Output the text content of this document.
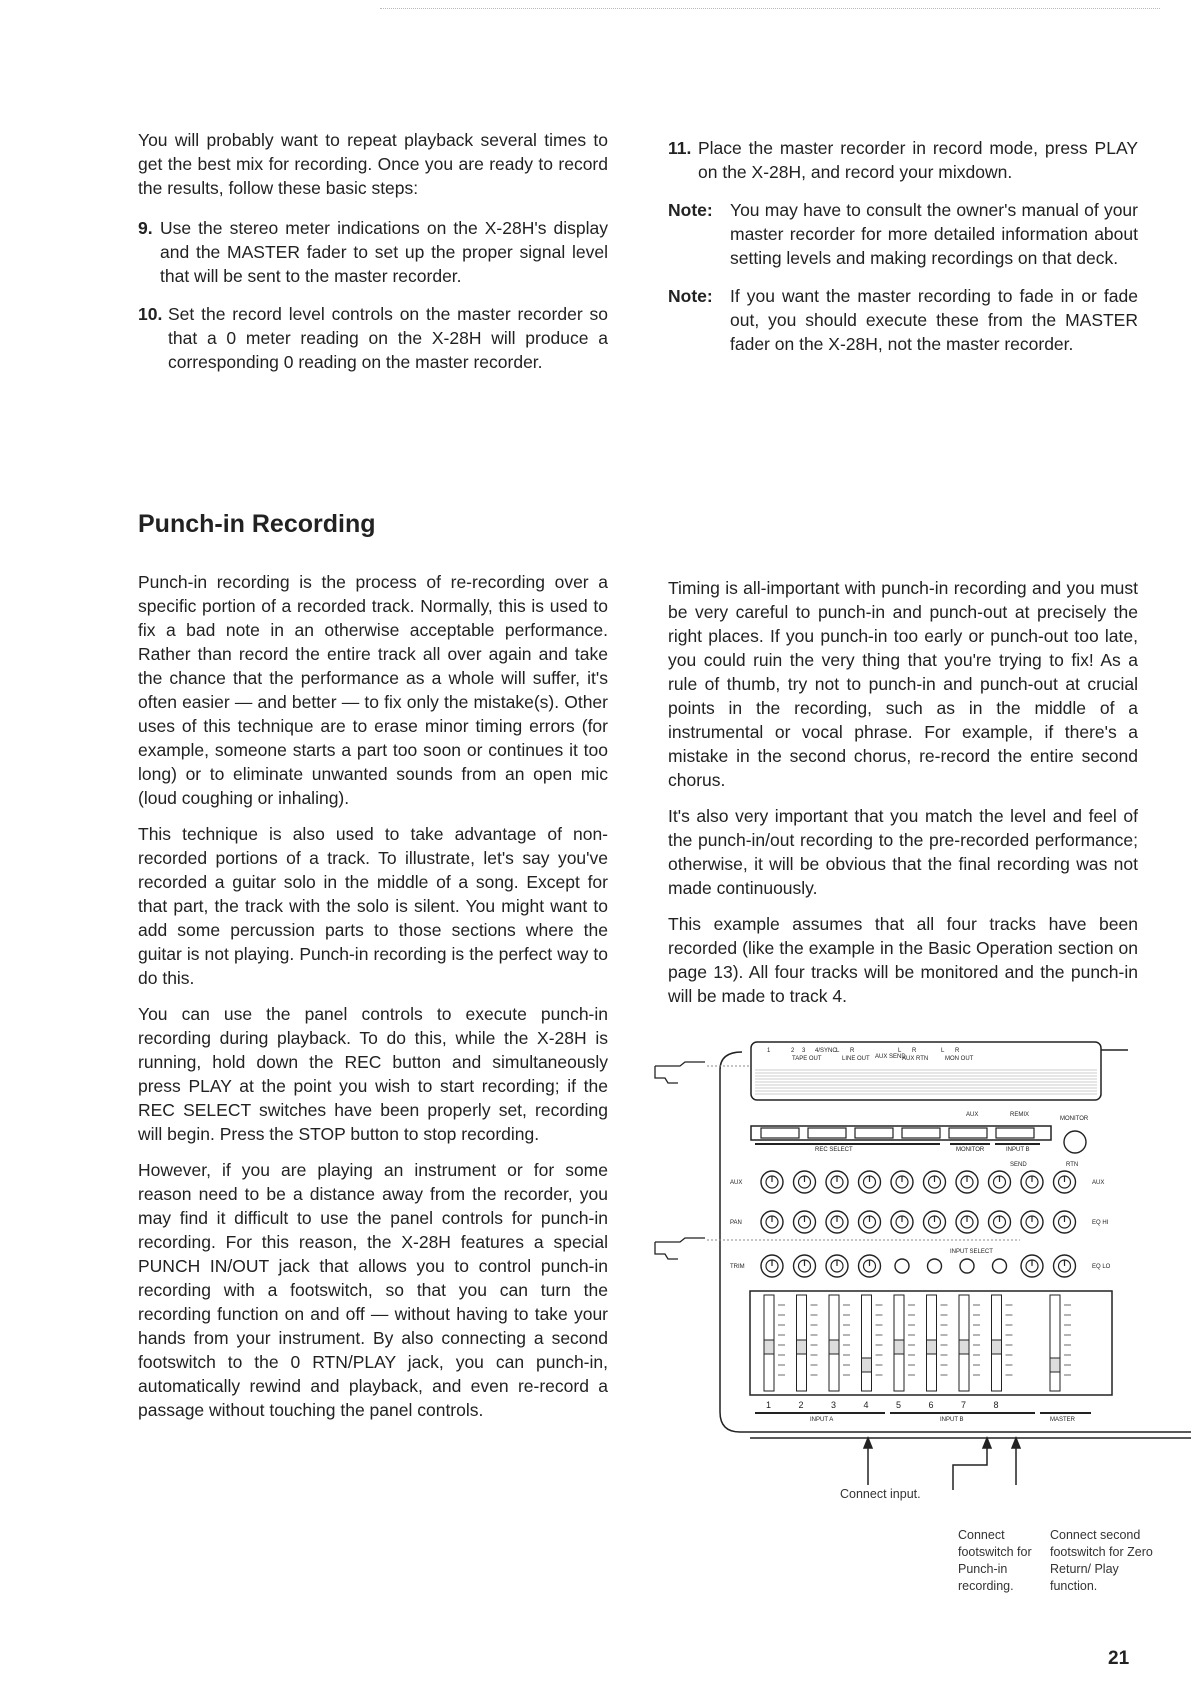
You will probably want to repeat playback several times to get the best mix for recording. Once you are ready to record the results, follow these basic steps:

9. Use the stereo meter indications on the X-28H's display and the MASTER fader to set up the proper signal level that will be sent to the master recorder.
10. Set the record level controls on the master recorder so that a 0 meter reading on the X-28H will produce a corresponding 0 reading on the master recorder.
11. Place the master recorder in record mode, press PLAY on the X-28H, and record your mixdown.
Note: You may have to consult the owner's manual of your master recorder for more detailed information about setting levels and making recordings on that deck.
Note: If you want the master recording to fade in or fade out, you should execute these from the MASTER fader on the X-28H, not the master recorder.
Punch-in Recording

Punch-in recording is the process of re-recording over a specific portion of a recorded track. Normally, this is used to fix a bad note in an otherwise acceptable performance. Rather than record the entire track all over again and take the chance that the performance as a whole will suffer, it's often easier — and better — to fix only the mistake(s). Other uses of this technique are to erase minor timing errors (for example, someone starts a part too soon or continues it too long) or to eliminate unwanted sounds from an open mic (loud coughing or inhaling).

This technique is also used to take advantage of non-recorded portions of a track. To illustrate, let's say you've recorded a guitar solo in the middle of a song. Except for that part, the track with the solo is silent. You might want to add some percussion parts to those sections where the guitar is not playing. Punch-in recording is the perfect way to do this.

You can use the panel controls to execute punch-in recording during playback. To do this, while the X-28H is running, hold down the REC button and simultaneously press PLAY at the point you wish to start recording; if the REC SELECT switches have been properly set, recording will begin. Press the STOP button to stop recording.

However, if you are playing an instrument or for some reason need to be a distance away from the recorder, you may find it difficult to use the panel controls for punch-in recording. For this reason, the X-28H features a special PUNCH IN/OUT jack that allows you to control punch-in recording with a footswitch, so that you can turn the recording function on and off — without having to take your hands from your instrument. By also connecting a second footswitch to the 0 RTN/PLAY jack, you can punch-in, automatically rewind and playback, and even re-record a passage without touching the panel controls.

Timing is all-important with punch-in recording and you must be very careful to punch-in and punch-out at precisely the right places. If you punch-in too early or punch-out too late, you could ruin the very thing that you're trying to fix! As a rule of thumb, try not to punch-in and punch-out at crucial points in the recording, such as in the middle of a instrumental or vocal phrase. For example, if there's a mistake in the second chorus, re-record the entire second chorus.

It's also very important that you match the level and feel of the punch-in/out recording to the pre-recorded performance; otherwise, it will be obvious that the final recording was not made continuously.

This example assumes that all four tracks have been recorded (like the example in the Basic Operation section on page 13). All four tracks will be monitored and the punch-in will be made to track 4.

1	2 3 4/SYNC
TAPE OUT
L R
LINE OUT AUX SEND
L R
AUX RTN
L R
MON OUT
REC SELECT	MONITOR	INPUT B
INPUT SELECT
SEND	RTN
MONITOR
REMIX
AUX
AUX
PAN
TRIM
AUX
EQ HI
EQ LO
1	2	3	4	5	6	7	8
INPUT A	INPUT B	MASTER
Connect input.
Connect footswitch for Punch-in recording.
Connect second footswitch for Zero Return/ Play function.
21
